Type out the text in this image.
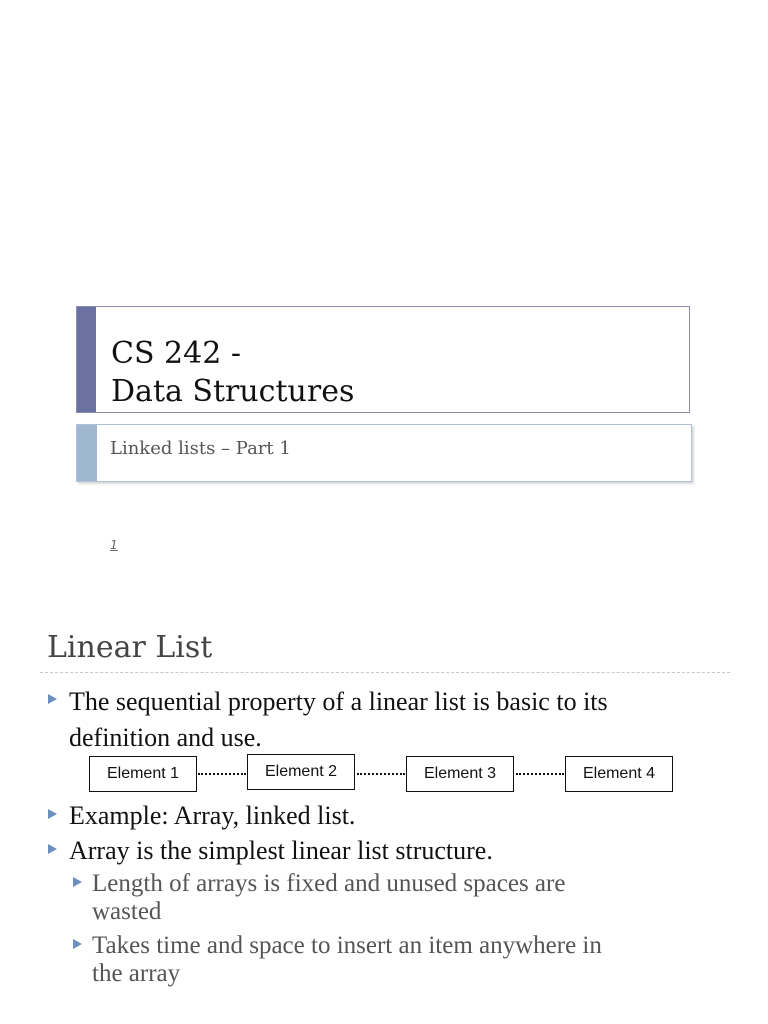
CS 242 -
Data Structures
Linked lists – Part 1
1
Linear List
The sequential property of a linear list is basic to its
definition and use.
Element 1	Element 2	Element 3	Element 4
Example: Array, linked list.
Array is the simplest linear list structure.
Length of arrays is fixed and unused spaces are
wasted
Takes time and space to insert an item anywhere in
the array
